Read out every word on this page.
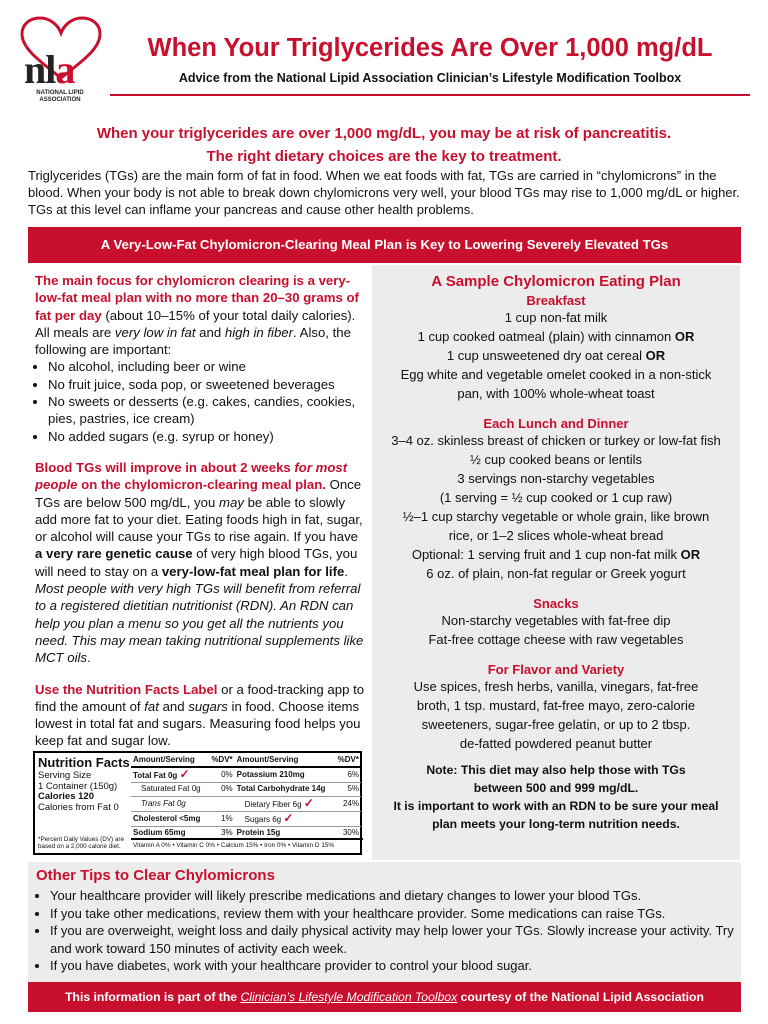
nla
NATIONAL LIPID
ASSOCIATION
When Your Triglycerides Are Over 1,000 mg/dL
Advice from the National Lipid Association Clinician’s Lifestyle Modification Toolbox
When your triglycerides are over 1,000 mg/dL, you may be at risk of pancreatitis.
The right dietary choices are the key to treatment.
Triglycerides (TGs) are the main form of fat in food. When we eat foods with fat, TGs are carried in “chylomicrons” in the blood. When your body is not able to break down chylomicrons very well, your blood TGs may rise to 1,000 mg/dL or higher. TGs at this level can inflame your pancreas and cause other health problems.
A Very-Low-Fat Chylomicron-Clearing Meal Plan is Key to Lowering Severely Elevated TGs

The main focus for chylomicron clearing is a very-low-fat meal plan with no more than 20–30 grams of fat per day (about 10–15% of your total daily calories). All meals are very low in fat and high in fiber. Also, the following are important:

• No alcohol, including beer or wine
• No fruit juice, soda pop, or sweetened beverages
• No sweets or desserts (e.g. cakes, candies, cookies, pies, pastries, ice cream)
• No added sugars (e.g. syrup or honey)

Blood TGs will improve in about 2 weeks for most people on the chylomicron-clearing meal plan. Once TGs are below 500 mg/dL, you may be able to slowly add more fat to your diet. Eating foods high in fat, sugar, or alcohol will cause your TGs to rise again. If you have a very rare genetic cause of very high blood TGs, you will need to stay on a very-low-fat meal plan for life. Most people with very high TGs will benefit from referral to a registered dietitian nutritionist (RDN). An RDN can help you plan a menu so you get all the nutrients you need. This may mean taking nutritional supplements like MCT oils.

Use the Nutrition Facts Label or a food-tracking app to find the amount of fat and sugars in food. Choose items lowest in total fat and sugars. Measuring food helps you keep fat and sugar low.

Nutrition Facts
Serving Size
1 Container (150g)
Calories 120
Calories from Fat 0
*Percent Daily Values (DV) are based on a 2,000 calorie diet.
Amount/Serving	%DV*	Amount/Serving	%DV*
Total Fat 0g ✓	0%	Potassium 210mg	6%
Saturated Fat 0g	0%	Total Carbohydrate 14g	5%
Trans Fat 0g		Dietary Fiber 6g ✓	24%
Cholesterol <5mg	1%	Sugars 6g ✓	
Sodium 65mg	3%	Protein 15g	30%
Vitamin A 0% • Vitamin C 0% • Calcium 15% • Iron 0% • Vitamin D 15%
A Sample Chylomicron Eating Plan
Breakfast
1 cup non-fat milk
1 cup cooked oatmeal (plain) with cinnamon OR
1 cup unsweetened dry oat cereal OR
Egg white and vegetable omelet cooked in a non-stick
pan, with 100% whole-wheat toast
Each Lunch and Dinner
3–4 oz. skinless breast of chicken or turkey or low-fat fish
½ cup cooked beans or lentils
3 servings non-starchy vegetables
(1 serving = ½ cup cooked or 1 cup raw)
½–1 cup starchy vegetable or whole grain, like brown
rice, or 1–2 slices whole-wheat bread
Optional: 1 serving fruit and 1 cup non-fat milk OR
6 oz. of plain, non-fat regular or Greek yogurt
Snacks
Non-starchy vegetables with fat-free dip
Fat-free cottage cheese with raw vegetables
For Flavor and Variety
Use spices, fresh herbs, vanilla, vinegars, fat-free
broth, 1 tsp. mustard, fat-free mayo, zero-calorie
sweeteners, sugar-free gelatin, or up to 2 tbsp.
de-fatted powdered peanut butter
Note: This diet may also help those with TGs
between 500 and 999 mg/dL.
It is important to work with an RDN to be sure your meal
plan meets your long-term nutrition needs.
Other Tips to Clear Chylomicrons
• Your healthcare provider will likely prescribe medications and dietary changes to lower your blood TGs.
• If you take other medications, review them with your healthcare provider. Some medications can raise TGs.
• If you are overweight, weight loss and daily physical activity may help lower your TGs. Slowly increase your activity. Try and work toward 150 minutes of activity each week.
• If you have diabetes, work with your healthcare provider to control your blood sugar.
This information is part of the Clinician’s Lifestyle Modification Toolbox courtesy of the National Lipid Association
